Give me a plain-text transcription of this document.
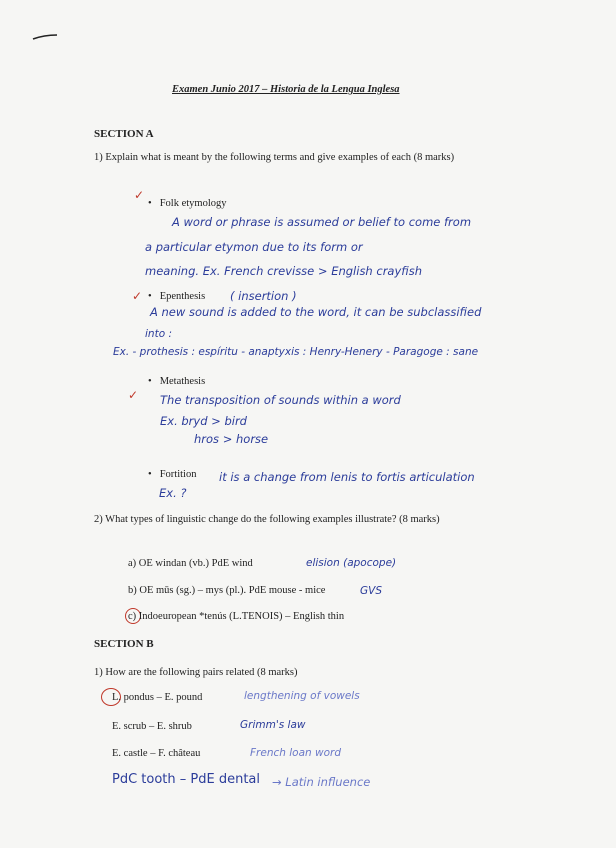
Examen Junio 2017 – Historia de la Lengua Inglesa
SECTION A
1) Explain what is meant by the following terms and give examples of each (8 marks)
✓
• Folk etymology
A word or phrase is assumed or belief to come from
a particular etymon due to its form or
meaning. Ex. French crevisse > English crayfish
✓	• Epenthesis ( insertion )
A new sound is added to the word, it can be subclassified
into :
Ex. - prothesis : espíritu - anaptyxis : Henry-Henery - Paragoge : sane
• Metathesis
✓ The transposition of sounds within a word
Ex. bryd > bird
hros > horse
• Fortition it is a change from lenis to fortis articulation
Ex. ?
2) What types of linguistic change do the following examples illustrate? (8 marks)
a) OE windan (vb.) PdE wind	elision (apocope)
b) OE mūs (sg.) – mys (pl.). PdE mouse - mice	GVS
c) Indoeuropean *tenús (L.TENOIS) – English thin
SECTION B
1) How are the following pairs related (8 marks)
L. pondus – E. pound	lengthening of vowels
E. scrub – E. shrub	Grimm's law
E. castle – F. château	French loan word
PdC tooth – PdE dental → Latin influence
